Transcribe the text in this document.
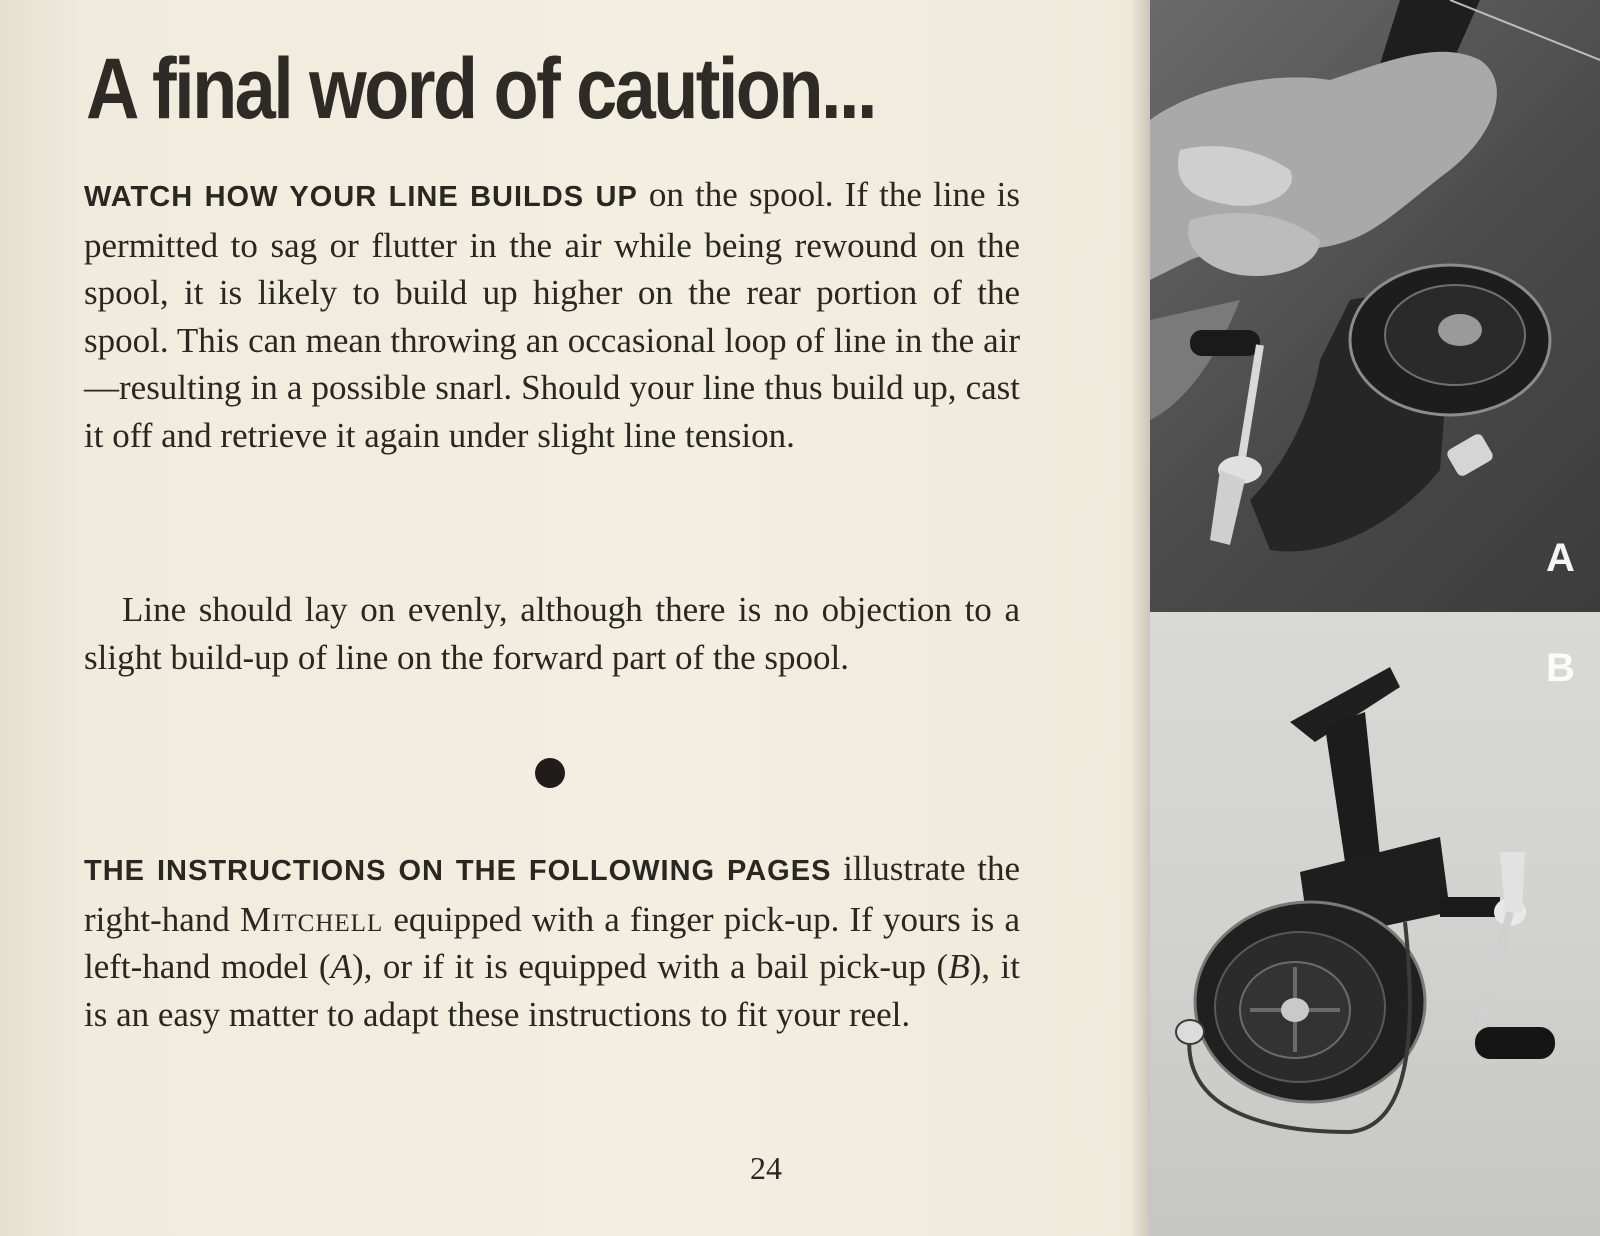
A final word of caution...

WATCH HOW YOUR LINE BUILDS UP on the spool. If the line is permitted to sag or flutter in the air while being rewound on the spool, it is likely to build up higher on the rear portion of the spool. This can mean throwing an occasional loop of line in the air—resulting in a possible snarl. Should your line thus build up, cast it off and retrieve it again under slight line tension.

Line should lay on evenly, although there is no objection to a slight build-up of line on the forward part of the spool.

THE INSTRUCTIONS ON THE FOLLOWING PAGES illustrate the right-hand Mitchell equipped with a finger pick-up. If yours is a left-hand model (A), or if it is equipped with a bail pick-up (B), it is an easy matter to adapt these instructions to fit your reel.

24
A
B
